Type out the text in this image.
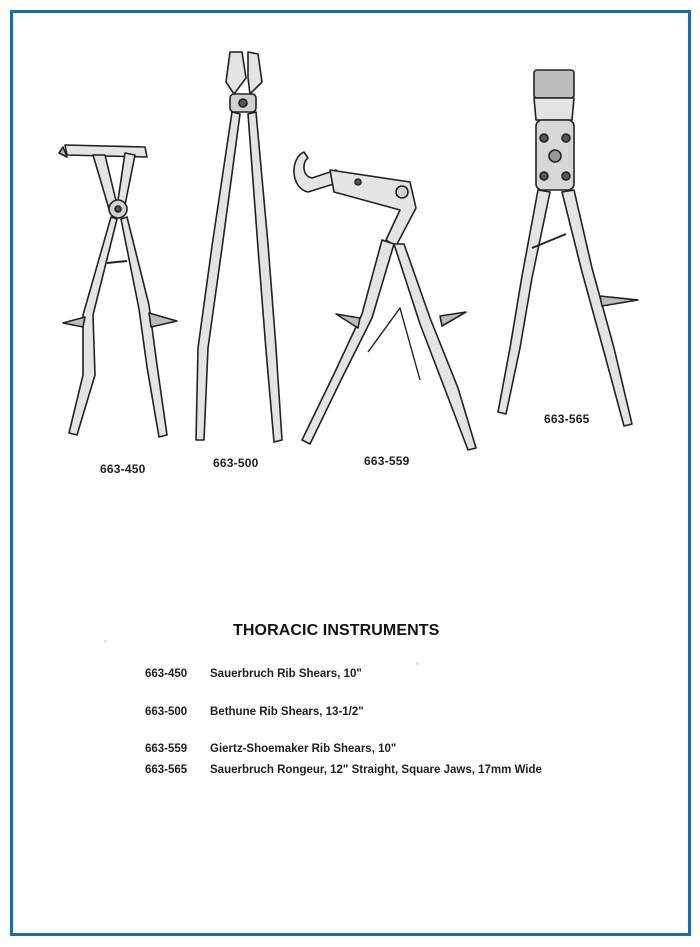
663-450	663-500	663-559
663-565
THORACIC INSTRUMENTS
663-450 Sauerbruch Rib Shears, 10"
663-500 Bethune Rib Shears, 13-1/2"
663-559 Giertz-Shoemaker Rib Shears, 10"
663-565 Sauerbruch Rongeur, 12" Straight, Square Jaws, 17mm Wide
